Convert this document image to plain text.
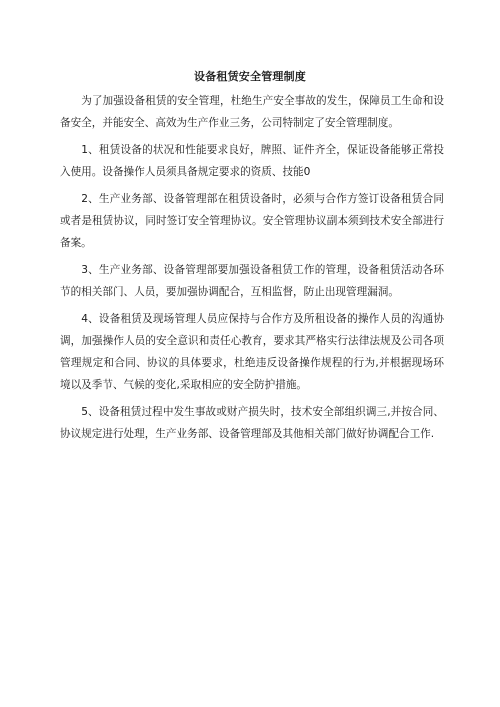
设备租赁安全管理制度

为了加强设备租赁的安全管理，杜绝生产安全事故的发生，保障员工生命和设备安全，并能安全、高效为生产作业三务，公司特制定了安全管理制度。

1、租赁设备的状况和性能要求良好，牌照、证件齐全，保证设备能够正常投入使用。设备操作人员须具备规定要求的资质、技能0

2、生产业务部、设备管理部在租赁设备时，必须与合作方签订设备租赁合同或者是租赁协议，同时签订安全管理协议。安全管理协议副本须到技术安全部进行备案。

3、生产业务部、设备管理部要加强设备租赁工作的管理，设备租赁活动各环节的相关部门、人员，要加强协调配合，互相监督，防止出现管理漏洞。

4、设备租赁及现场管理人员应保持与合作方及所租设备的操作人员的沟通协调，加强操作人员的安全意识和责任心教育，要求其严格实行法律法规及公司各项管理规定和合同、协议的具体要求，杜绝违反设备操作规程的行为,并根据现场环境以及季节、气候的变化,采取相应的安全防护措施。

5、设备租赁过程中发生事故或财产损失时，技术安全部组织调三,并按合同、协议规定进行处理，生产业务部、设备管理部及其他相关部门做好协调配合工作.
